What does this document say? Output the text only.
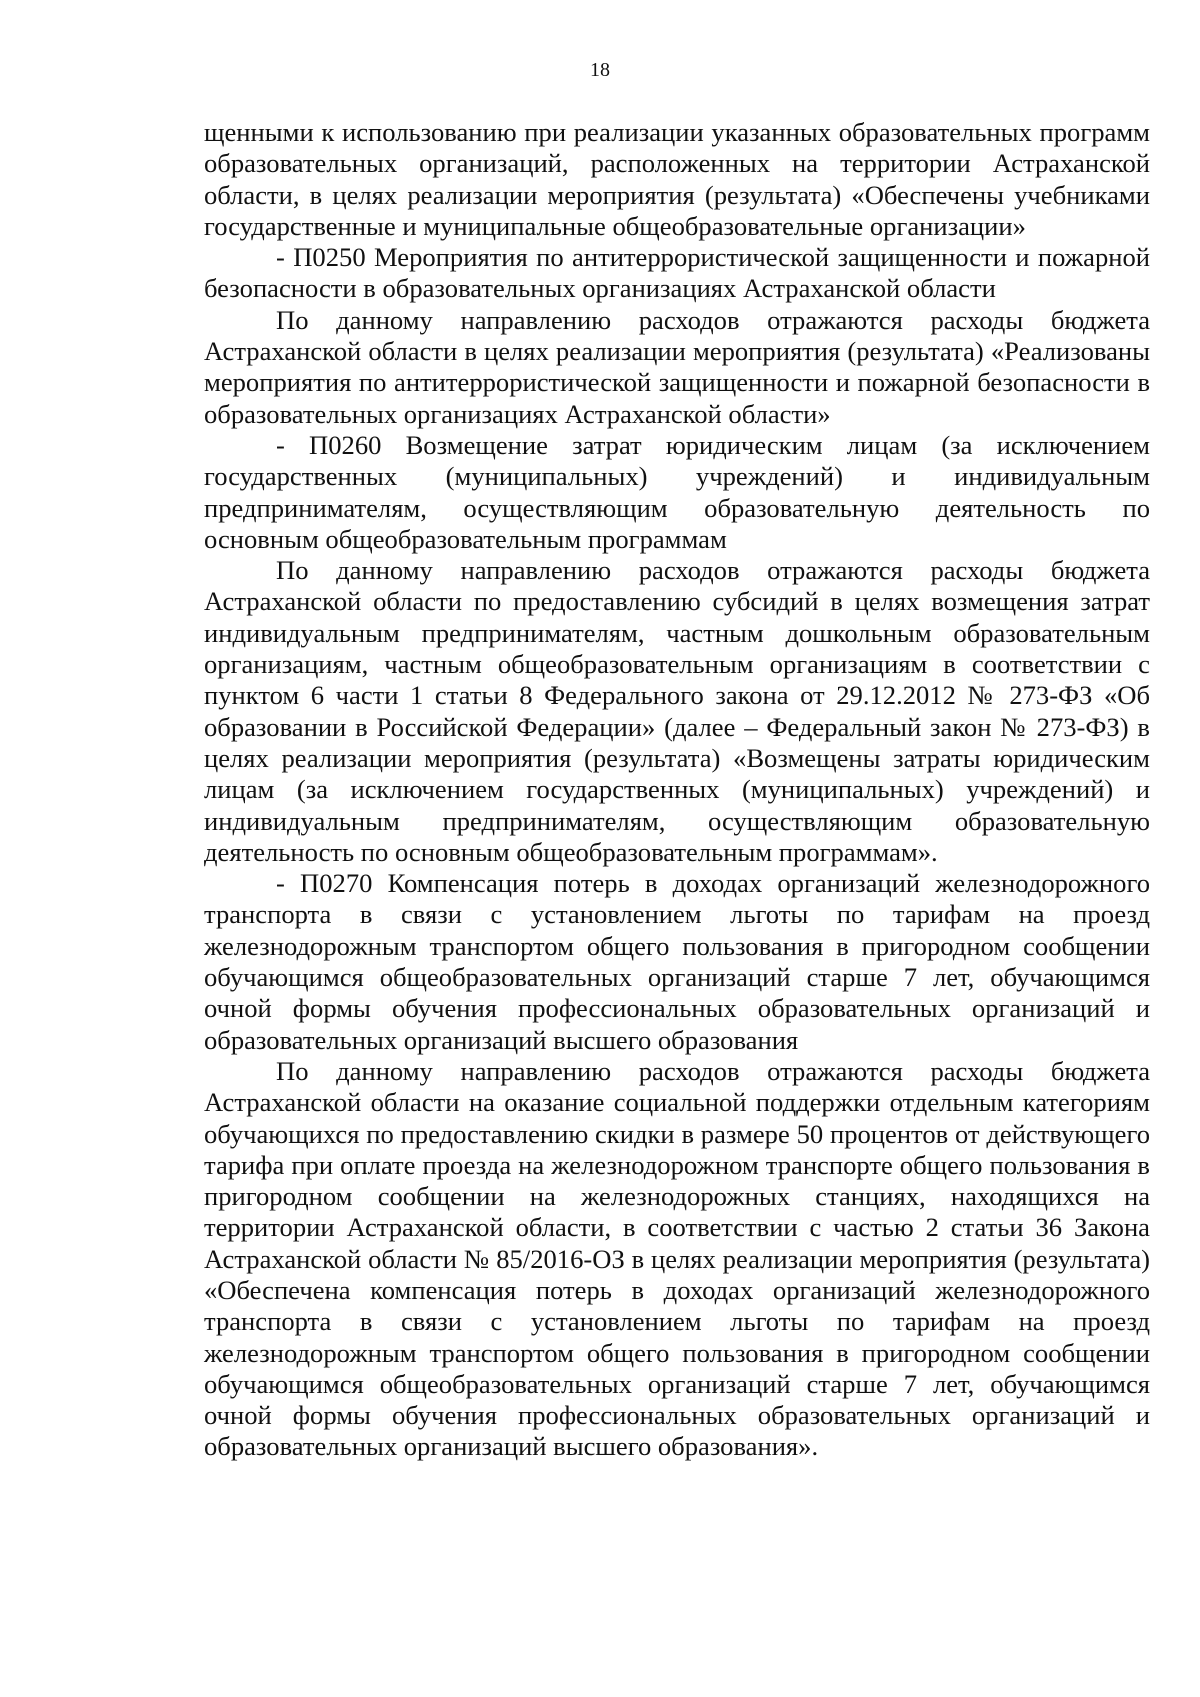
18

щенными к использованию при реализации указанных образовательных программ образовательных организаций, расположенных на территории Астраханской области, в целях реализации мероприятия (результата) «Обеспечены учебниками государственные и муниципальные общеобразовательные организации»

- П0250 Мероприятия по антитеррористической защищенности и пожарной безопасности в образовательных организациях Астраханской области

По данному направлению расходов отражаются расходы бюджета Астраханской области в целях реализации мероприятия (результата) «Реализованы мероприятия по антитеррористической защищенности и пожарной безопасности в образовательных организациях Астраханской области»

- П0260 Возмещение затрат юридическим лицам (за исключением государственных (муниципальных) учреждений) и индивидуальным предпринимателям, осуществляющим образовательную деятельность по основным общеобразовательным программам

По данному направлению расходов отражаются расходы бюджета Астраханской области по предоставлению субсидий в целях возмещения затрат индивидуальным предпринимателям, частным дошкольным образовательным организациям, частным общеобразовательным организациям в соответствии с пунктом 6 части 1 статьи 8 Федерального закона от 29.12.2012 № 273-ФЗ «Об образовании в Российской Федерации» (далее – Федеральный закон № 273-ФЗ) в целях реализации мероприятия (результата) «Возмещены затраты юридическим лицам (за исключением государственных (муниципальных) учреждений) и индивидуальным предпринимателям, осуществляющим образовательную деятельность по основным общеобразовательным программам».

- П0270 Компенсация потерь в доходах организаций железнодорожного транспорта в связи с установлением льготы по тарифам на проезд железнодорожным транспортом общего пользования в пригородном сообщении обучающимся общеобразовательных организаций старше 7 лет, обучающимся очной формы обучения профессиональных образовательных организаций и образовательных организаций высшего образования

По данному направлению расходов отражаются расходы бюджета Астраханской области на оказание социальной поддержки отдельным категориям обучающихся по предоставлению скидки в размере 50 процентов от действующего тарифа при оплате проезда на железнодорожном транспорте общего пользования в пригородном сообщении на железнодорожных станциях, находящихся на территории Астраханской области, в соответствии с частью 2 статьи 36 Закона Астраханской области № 85/2016-ОЗ в целях реализации мероприятия (результата) «Обеспечена компенсация потерь в доходах организаций железнодорожного транспорта в связи с установлением льготы по тарифам на проезд железнодорожным транспортом общего пользования в пригородном сообщении обучающимся общеобразовательных организаций старше 7 лет, обучающимся очной формы обучения профессиональных образовательных организаций и образовательных организаций высшего образования».
